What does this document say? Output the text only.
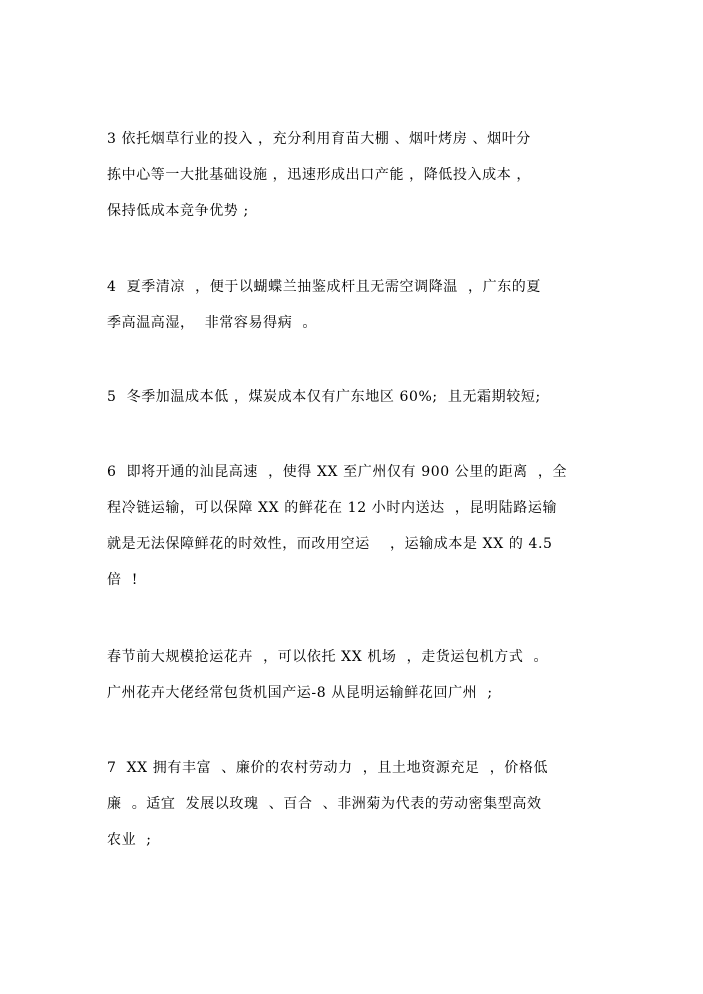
3 依托烟草行业的投入 ，充分利用育苗大棚 、烟叶烤房 、烟叶分
拣中心等一大批基础设施 ，迅速形成出口产能 ，降低投入成本 ，
保持低成本竞争优势 ;
4  夏季清凉  ，便于以蝴蝶兰抽鉴成杆且无需空调降温  ，广东的夏
季高温高湿，  非常容易得病  。
5  冬季加温成本低 ，煤炭成本仅有广东地区 60%;  且无霜期较短;
6  即将开通的汕昆高速  ，使得 XX 至广州仅有 900 公里的距离  ，全
程冷链运输，可以保障 XX 的鲜花在 12 小时内送达  ，昆明陆路运输
就是无法保障鲜花的时效性，而改用空运    ，运输成本是 XX 的 4.5
倍  !
春节前大规模抢运花卉  ，可以依托 XX 机场  ，走货运包机方式  。
广州花卉大佬经常包货机国产运-8 从昆明运输鲜花回广州  ;
7  XX 拥有丰富  、廉价的农村劳动力  ，且土地资源充足  ，价格低
廉  。适宜  发展以玫瑰  、百合  、非洲菊为代表的劳动密集型高效
农业  ;
